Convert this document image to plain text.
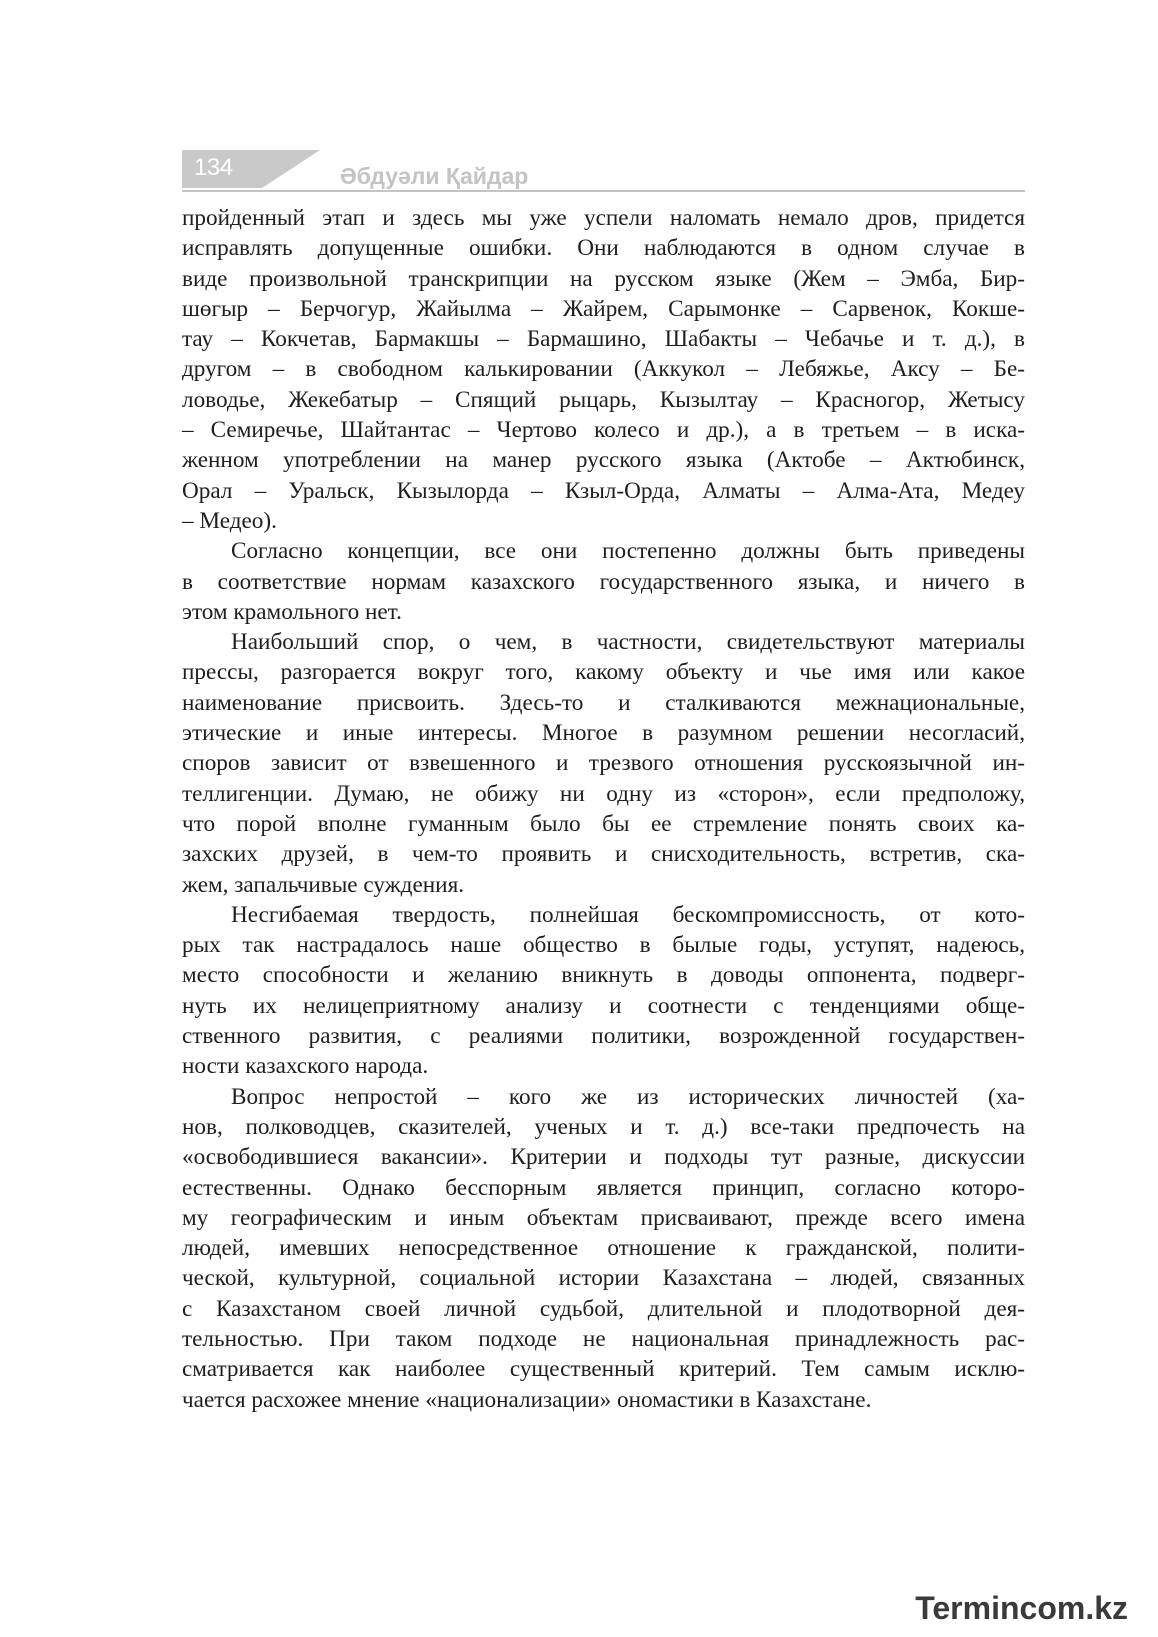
134	Әбдуәли Қайдар

пройденный этап и здесь мы уже успели наломать немало дров, придется
исправлять допущенные ошибки. Они наблюдаются в одном случае в
виде произвольной транскрипции на русском языке (Жем – Эмба, Бир-
шөгыр – Берчогур, Жайылма – Жайрем, Сарымонке – Сарвенок, Кокше-
тау – Кокчетав, Бармакшы – Бармашино, Шабакты – Чебачье и т. д.), в
другом – в свободном калькировании (Аккукол – Лебяжье, Аксу – Бе-
ловодье, Жекебатыр – Спящий рыцарь, Кызылтау – Красногор, Жетысу
– Семиречье, Шайтантас – Чертово колесо и др.), а в третьем – в иска-
женном употреблении на манер русского языка (Актобе – Актюбинск,
Орал – Уральск, Кызылорда – Кзыл-Орда, Алматы – Алма-Ата, Медеу
– Медео).

Согласно концепции, все они постепенно должны быть приведены
в соответствие нормам казахского государственного языка, и ничего в
этом крамольного нет.

Наибольший спор, о чем, в частности, свидетельствуют материалы
прессы, разгорается вокруг того, какому объекту и чье имя или какое
наименование присвоить. Здесь-то и сталкиваются межнациональные,
этические и иные интересы. Многое в разумном решении несогласий,
споров зависит от взвешенного и трезвого отношения русскоязычной ин-
теллигенции. Думаю, не обижу ни одну из «сторон», если предположу,
что порой вполне гуманным было бы ее стремление понять своих ка-
захских друзей, в чем-то проявить и снисходительность, встретив, ска-
жем, запальчивые суждения.

Несгибаемая твердость, полнейшая бескомпромиссность, от кото-
рых так настрадалось наше общество в былые годы, уступят, надеюсь,
место способности и желанию вникнуть в доводы оппонента, подверг-
нуть их нелицеприятному анализу и соотнести с тенденциями обще-
ственного развития, с реалиями политики, возрожденной государствен-
ности казахского народа.

Вопрос непростой – кого же из исторических личностей (ха-
нов, полководцев, сказителей, ученых и т. д.) все-таки предпочесть на
«освободившиеся вакансии». Критерии и подходы тут разные, дискуссии
естественны. Однако бесспорным является принцип, согласно которо-
му географическим и иным объектам присваивают, прежде всего имена
людей, имевших непосредственное отношение к гражданской, полити-
ческой, культурной, социальной истории Казахстана – людей, связанных
с Казахстаном своей личной судьбой, длительной и плодотворной дея-
тельностью. При таком подходе не национальная принадлежность рас-
сматривается как наиболее существенный критерий. Тем самым исклю-
чается расхожее мнение «национализации» ономастики в Казахстане.

Termincom.kz
